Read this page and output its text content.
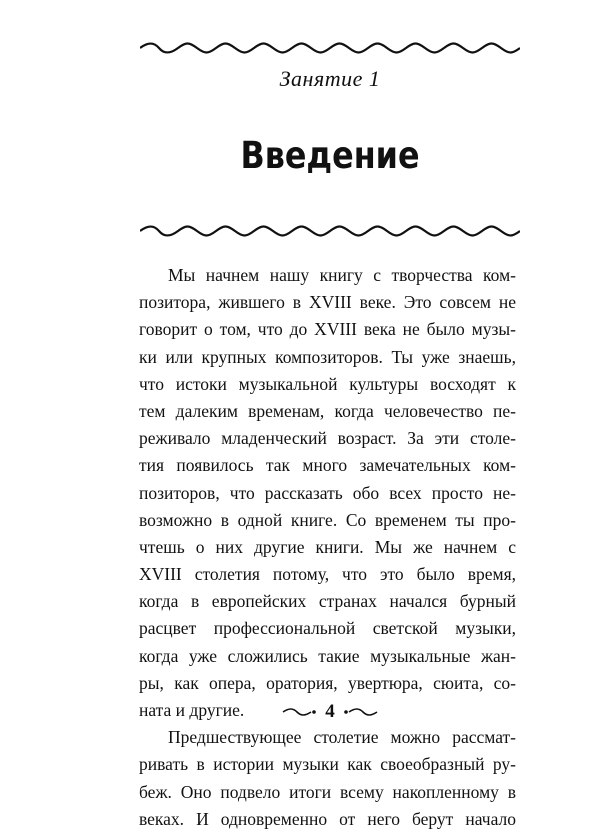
Занятие 1
Введение
Мы начнем нашу книгу с творчества ком-
позитора, жившего в XVIII веке. Это совсем не
говорит о том, что до XVIII века не было музы-
ки или крупных композиторов. Ты уже знаешь,
что истоки музыкальной культуры восходят к
тем далеким временам, когда человечество пе-
реживало младенческий возраст. За эти столе-
тия появилось так много замечательных ком-
позиторов, что рассказать обо всех просто не-
возможно в одной книге. Со временем ты про-
чтешь о них другие книги. Мы же начнем с
XVIII столетия потому, что это было время,
когда в европейских странах начался бурный
расцвет профессиональной светской музыки,
когда уже сложились такие музыкальные жан-
ры, как опера, оратория, увертюра, сюита, со-
ната и другие.
Предшествующее столетие можно рассмат-
ривать в истории музыки как своеобразный ру-
беж. Оно подвело итоги всему накопленному в
веках. И одновременно от него берут начало
4
